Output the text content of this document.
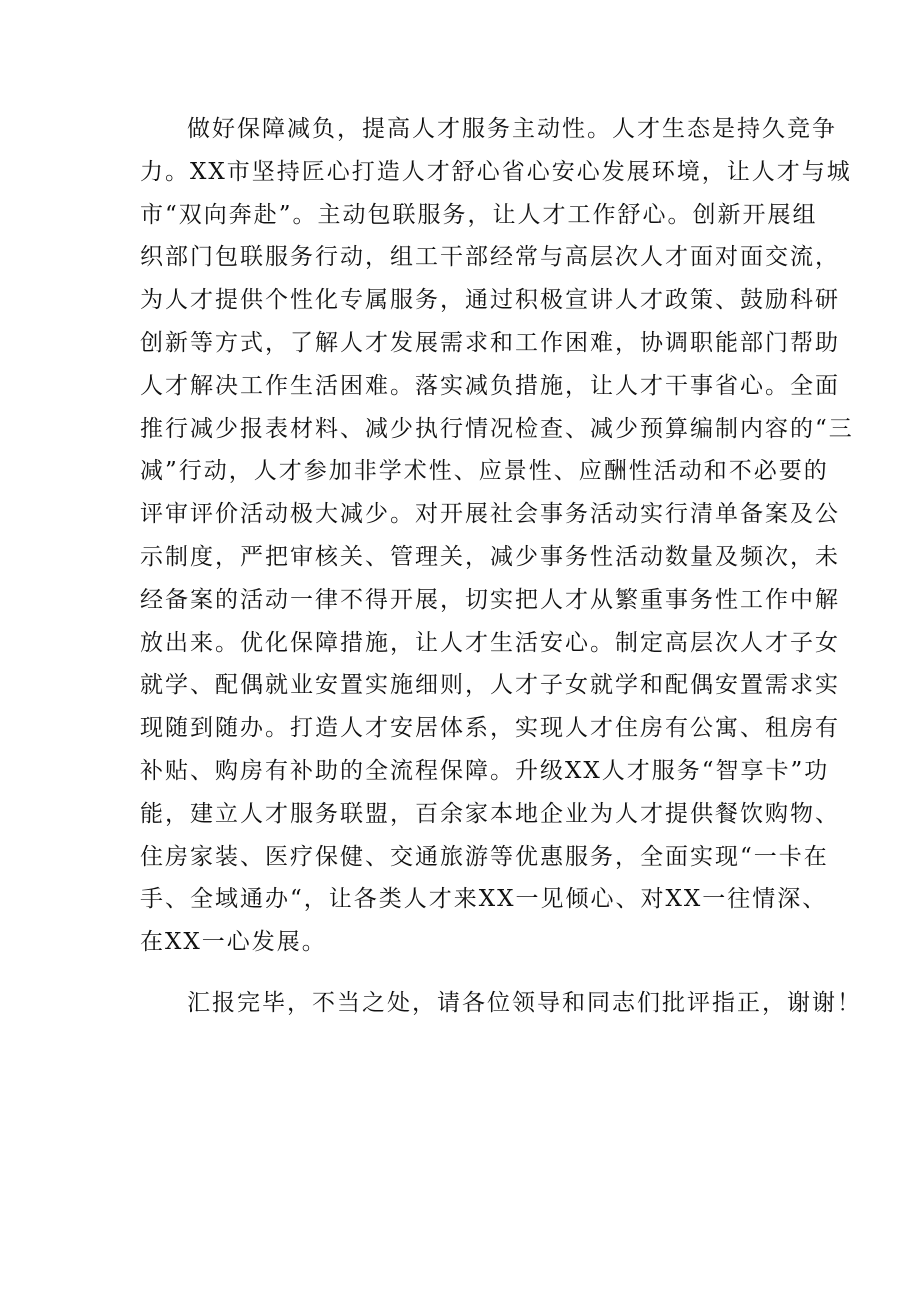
做好保障减负，提高人才服务主动性。人才生态是持久竞争
力。XX市坚持匠心打造人才舒心省心安心发展环境，让人才与城
市“双向奔赴”。主动包联服务，让人才工作舒心。创新开展组
织部门包联服务行动，组工干部经常与高层次人才面对面交流，
为人才提供个性化专属服务，通过积极宣讲人才政策、鼓励科研
创新等方式，了解人才发展需求和工作困难，协调职能部门帮助
人才解决工作生活困难。落实减负措施，让人才干事省心。全面
推行减少报表材料、减少执行情况检查、减少预算编制内容的“三
减”行动，人才参加非学术性、应景性、应酬性活动和不必要的
评审评价活动极大减少。对开展社会事务活动实行清单备案及公
示制度，严把审核关、管理关，减少事务性活动数量及频次，未
经备案的活动一律不得开展，切实把人才从繁重事务性工作中解
放出来。优化保障措施，让人才生活安心。制定高层次人才子女
就学、配偶就业安置实施细则，人才子女就学和配偶安置需求实
现随到随办。打造人才安居体系，实现人才住房有公寓、租房有
补贴、购房有补助的全流程保障。升级XX人才服务“智享卡”功
能，建立人才服务联盟，百余家本地企业为人才提供餐饮购物、
住房家装、医疗保健、交通旅游等优惠服务，全面实现“一卡在
手、全域通办“，让各类人才来XX一见倾心、对XX一往情深、
在XX一心发展。
汇报完毕，不当之处，请各位领导和同志们批评指正，谢谢！
